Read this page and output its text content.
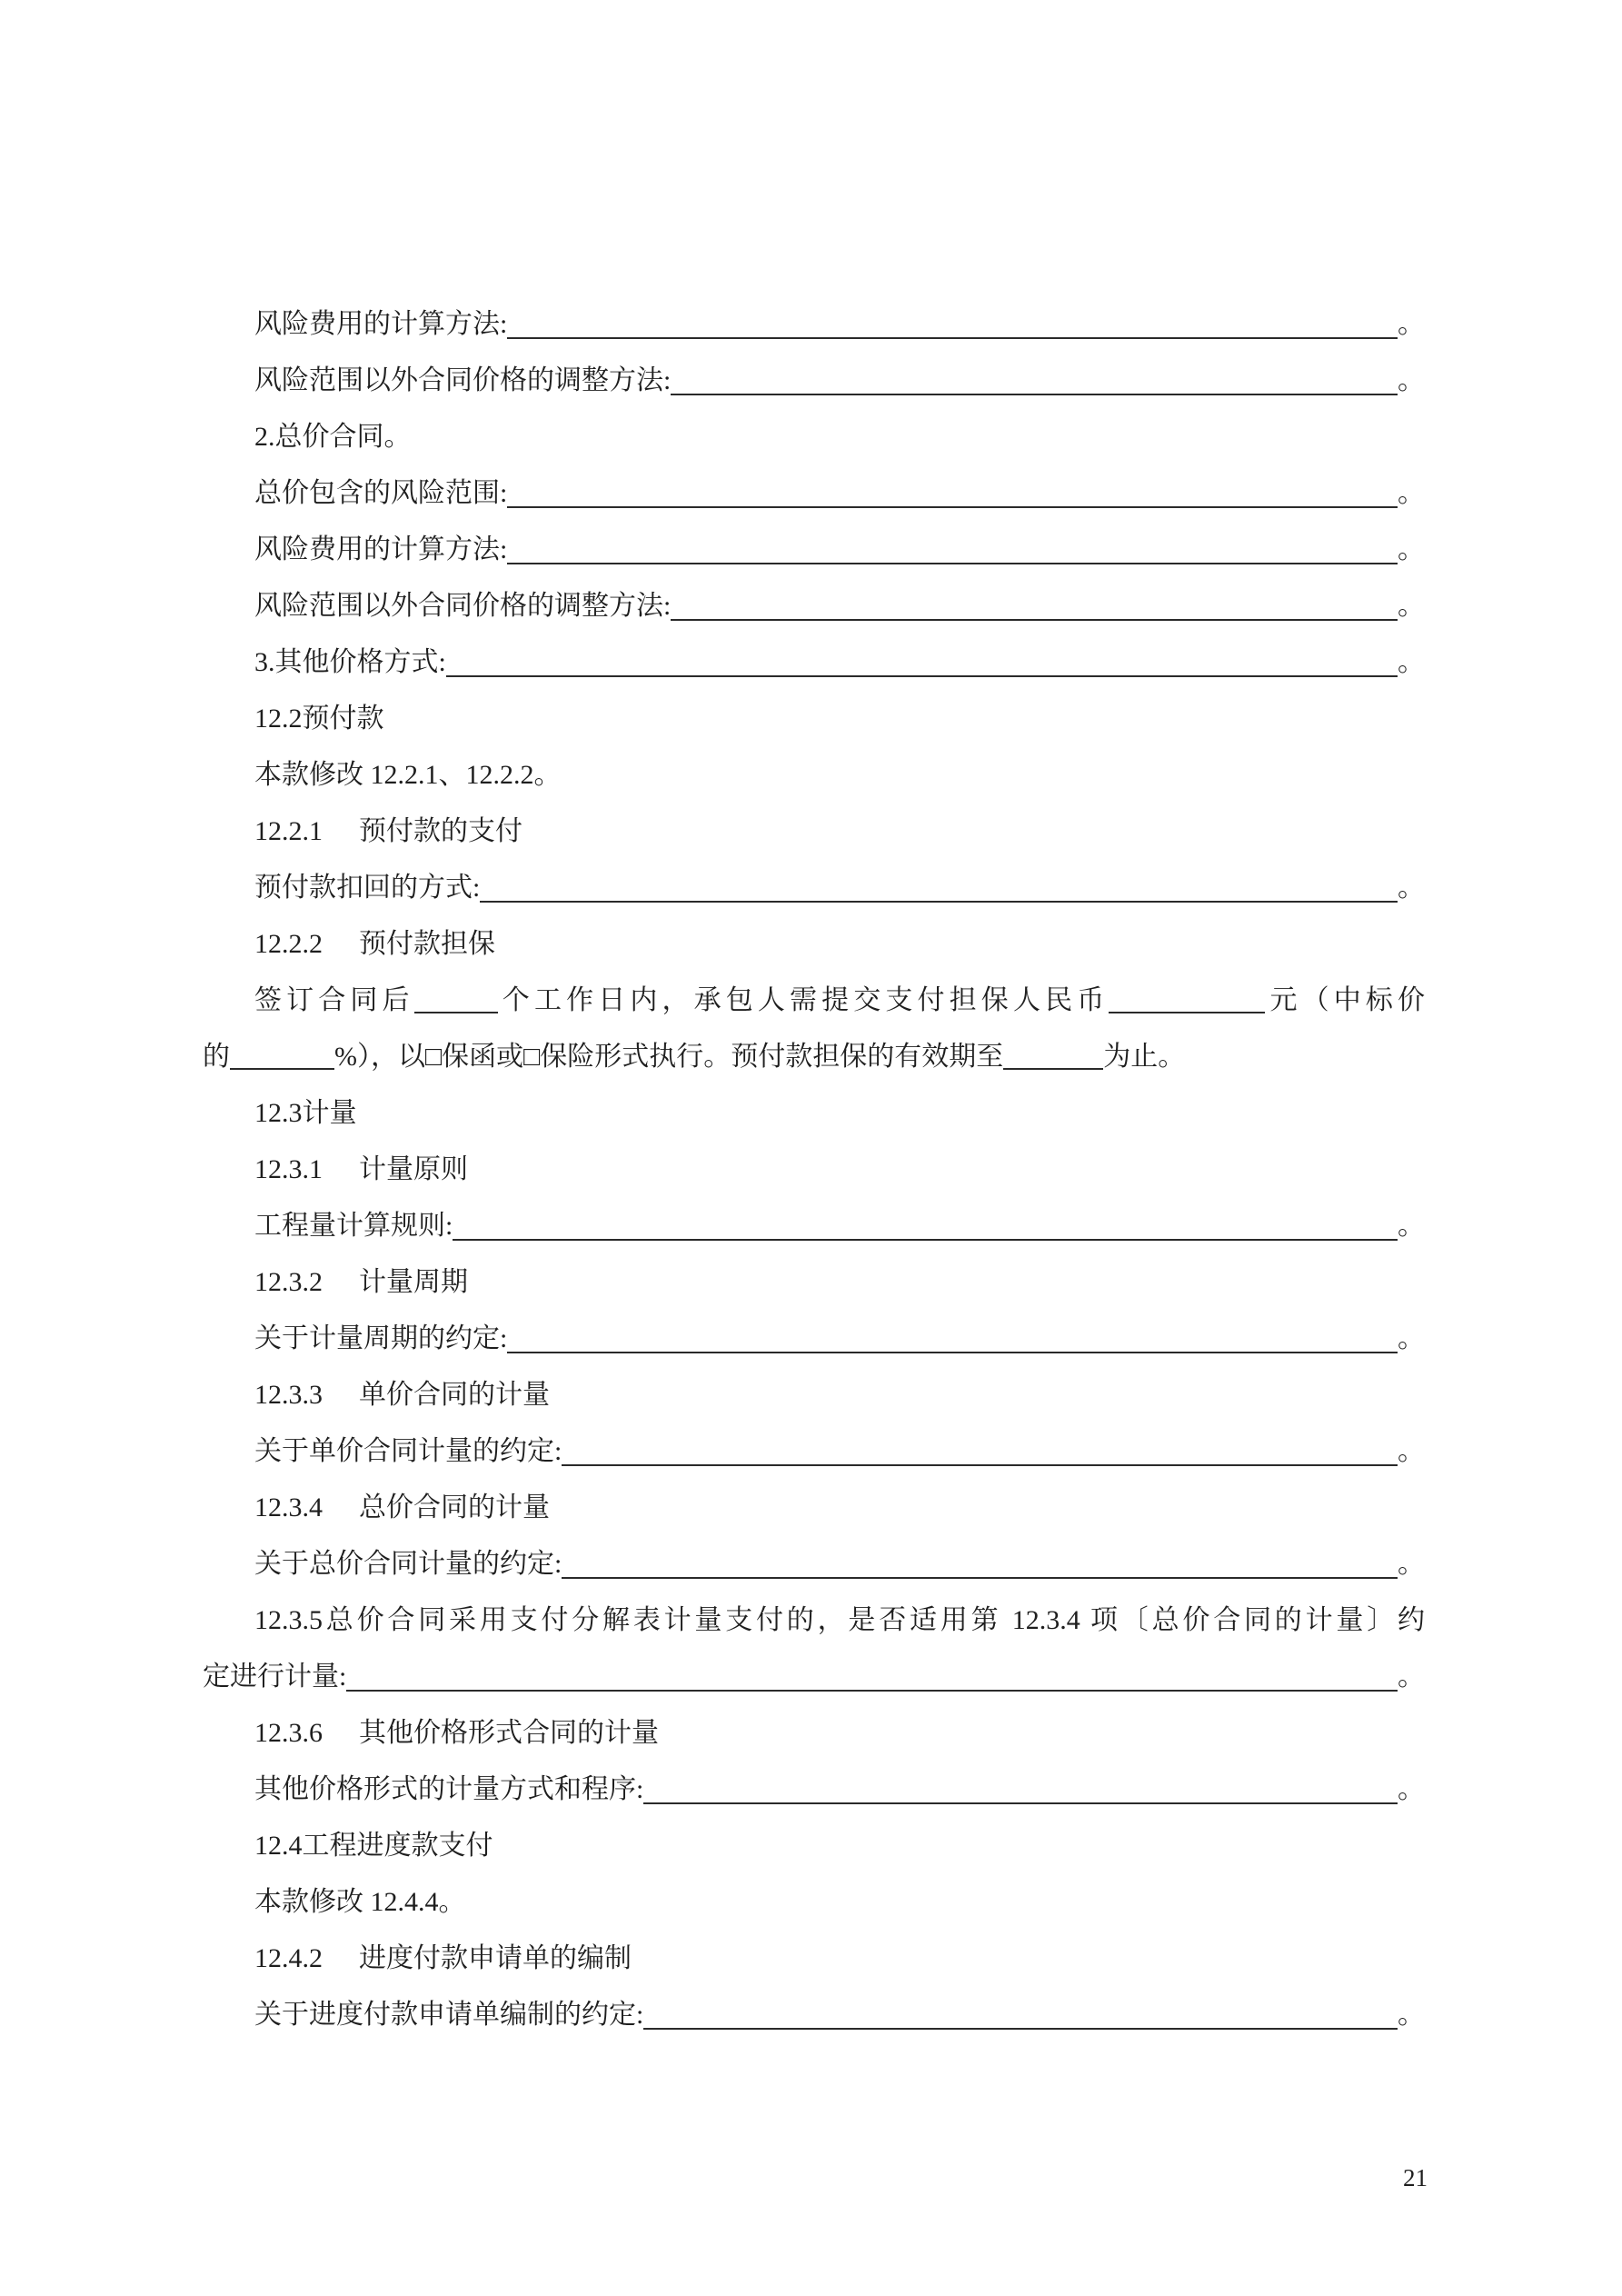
风险费用的计算方法:	。
风险范围以外合同价格的调整方法:	。
2.总价合同。
总价包含的风险范围:	。
风险费用的计算方法:	。
风险范围以外合同价格的调整方法:	。
3.其他价格方式:	。
12.2预付款
本款修改 12.2.1、12.2.2。
12.2.1 预付款的支付
预付款扣回的方式:	。
12.2.2 预付款担保
签订合同后	个工作日内，承包人需提交支付担保人民币	元（中标价
的	%），以□保函或□保险形式执行。预付款担保的有效期至	为止。
12.3计量
12.3.1 计量原则
工程量计算规则:	。
12.3.2 计量周期
关于计量周期的约定:	。
12.3.3 单价合同的计量
关于单价合同计量的约定:	。
12.3.4 总价合同的计量
关于总价合同计量的约定:	。
12.3.5总价合同采用支付分解表计量支付的，是否适用第 12.3.4 项〔总价合同的计量〕约
定进行计量:	。
12.3.6 其他价格形式合同的计量
其他价格形式的计量方式和程序:	。
12.4工程进度款支付
本款修改 12.4.4。
12.4.2 进度付款申请单的编制
关于进度付款申请单编制的约定:	。
21
